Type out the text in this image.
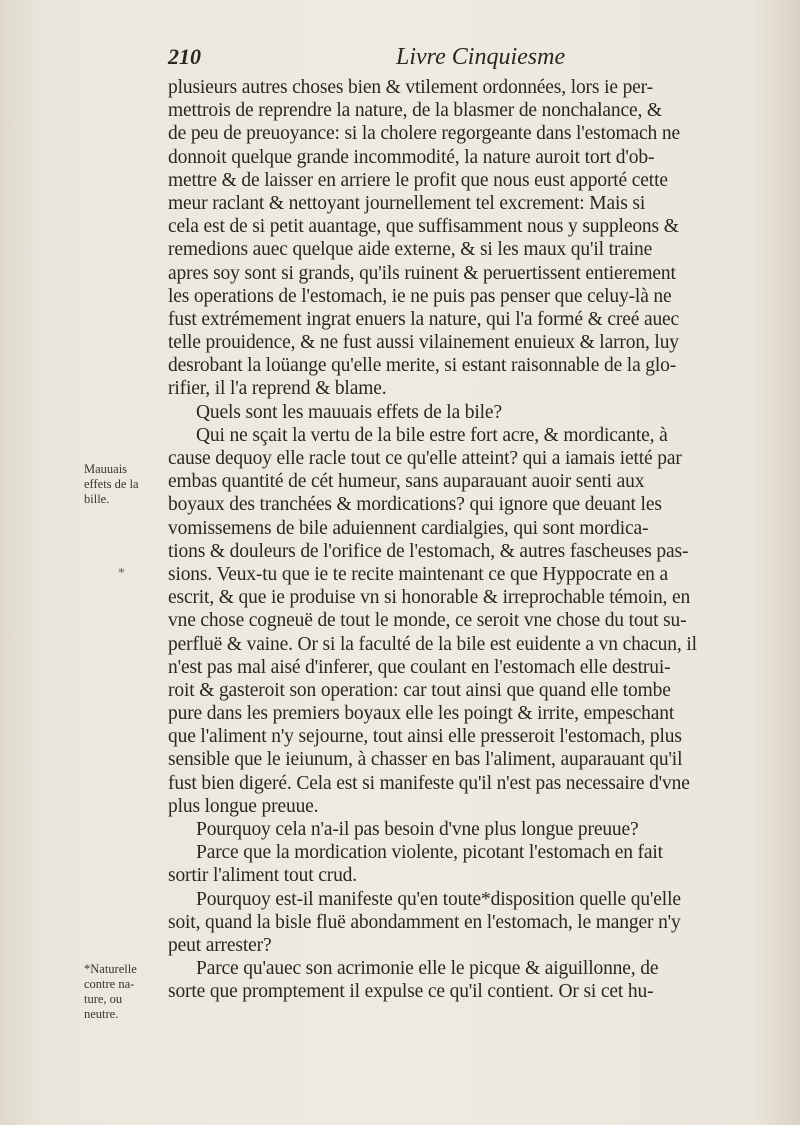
210	Livre Cinquiesme
Mauuais
effets de la
bille.
*
*Naturelle
contre na-
ture, ou
neutre.
plusieurs autres choses bien & vtilement ordonnées, lors ie per-
mettrois de reprendre la nature, de la blasmer de nonchalance, &
de peu de preuoyance: si la cholere regorgeante dans l'estomach ne
donnoit quelque grande incommodité, la nature auroit tort d'ob-
mettre & de laisser en arriere le profit que nous eust apporté cette
meur raclant & nettoyant journellement tel excrement: Mais si
cela est de si petit auantage, que suffisamment nous y suppleons &
remedions auec quelque aide externe, & si les maux qu'il traine
apres soy sont si grands, qu'ils ruinent & peruertissent entierement
les operations de l'estomach, ie ne puis pas penser que celuy-là ne
fust extrémement ingrat enuers la nature, qui l'a formé & creé auec
telle prouidence, & ne fust aussi vilainement enuieux & larron, luy
desrobant la loüange qu'elle merite, si estant raisonnable de la glo-
rifier, il l'a reprend & blame.
Quels sont les mauuais effets de la bile?
Qui ne sçait la vertu de la bile estre fort acre, & mordicante, à
cause dequoy elle racle tout ce qu'elle atteint? qui a iamais ietté par
embas quantité de cét humeur, sans auparauant auoir senti aux
boyaux des tranchées & mordications? qui ignore que deuant les
vomissemens de bile aduiennent cardialgies, qui sont mordica-
tions & douleurs de l'orifice de l'estomach, & autres fascheuses pas-
sions. Veux-tu que ie te recite maintenant ce que Hyppocrate en a
escrit, & que ie produise vn si honorable & irreprochable témoin, en
vne chose cogneuë de tout le monde, ce seroit vne chose du tout su-
perfluë & vaine. Or si la faculté de la bile est euidente a vn chacun, il
n'est pas mal aisé d'inferer, que coulant en l'estomach elle destrui-
roit & gasteroit son operation: car tout ainsi que quand elle tombe
pure dans les premiers boyaux elle les poingt & irrite, empeschant
que l'aliment n'y sejourne, tout ainsi elle presseroit l'estomach, plus
sensible que le ieiunum, à chasser en bas l'aliment, auparauant qu'il
fust bien digeré. Cela est si manifeste qu'il n'est pas necessaire d'vne
plus longue preuue.
Pourquoy cela n'a-il pas besoin d'vne plus longue preuue?
Parce que la mordication violente, picotant l'estomach en fait
sortir l'aliment tout crud.
Pourquoy est-il manifeste qu'en toute*disposition quelle qu'elle
soit, quand la bisle fluë abondamment en l'estomach, le manger n'y
peut arrester?
Parce qu'auec son acrimonie elle le picque & aiguillonne, de
sorte que promptement il expulse ce qu'il contient. Or si cet hu-
